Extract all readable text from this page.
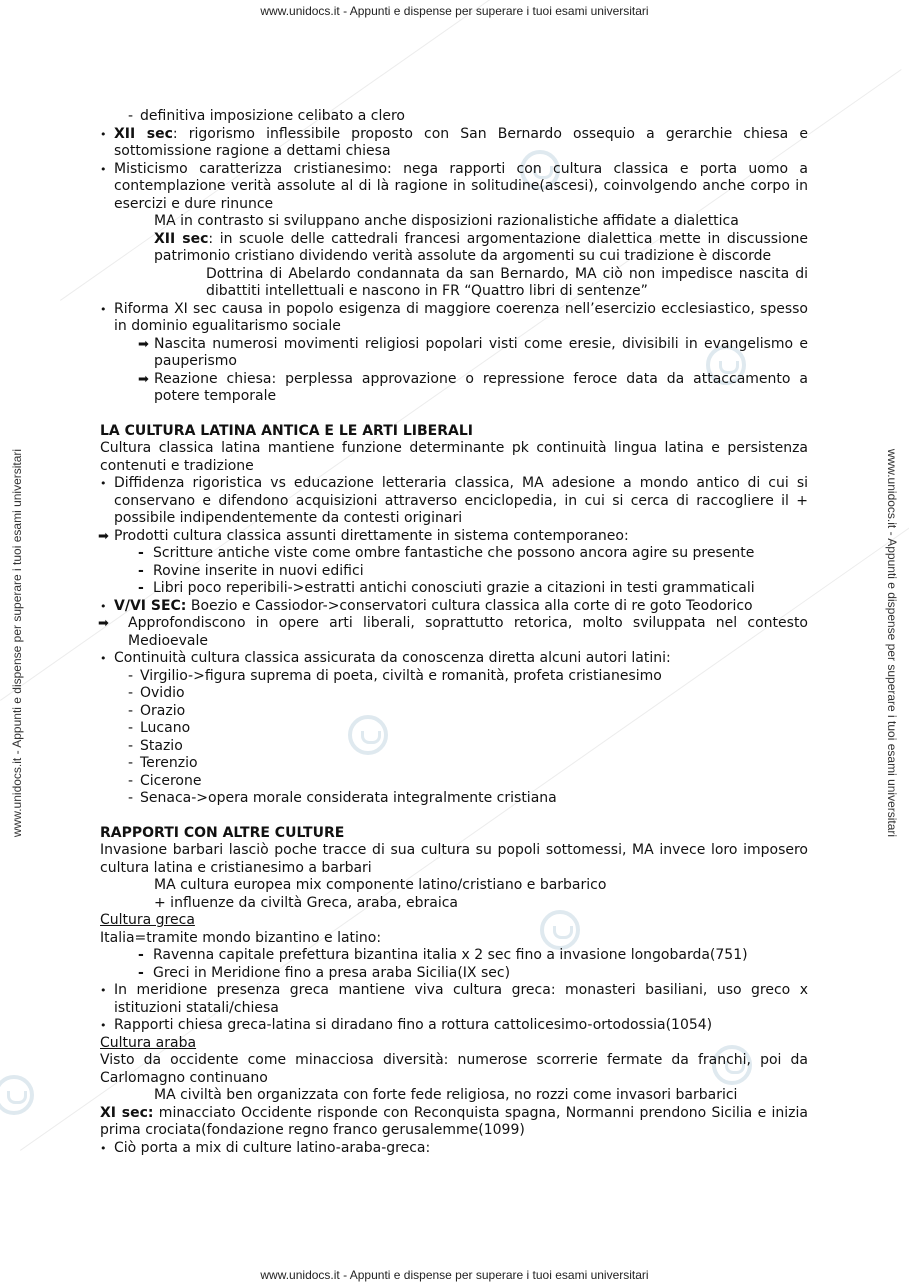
www.unidocs.it - Appunti e dispense per superare i tuoi esami universitari
www.unidocs.it - Appunti e dispense per superare i tuoi esami universitari
www.unidocs.it - Appunti e dispense per superare i tuoi esami universitari	www.unidocs.it - Appunti e dispense per superare i tuoi esami universitari
- definitiva imposizione celibato a clero
• XII sec: rigorismo inflessibile proposto con San Bernardo ossequio a gerarchie chiesa e sottomissione ragione a dettami chiesa
• Misticismo caratterizza cristianesimo: nega rapporti con cultura classica e porta uomo a contemplazione verità assolute al di là ragione in solitudine(ascesi), coinvolgendo anche corpo in esercizi e dure rinunce
MA in contrasto si sviluppano anche disposizioni razionalistiche affidate a dialettica
XII sec: in scuole delle cattedrali francesi argomentazione dialettica mette in discussione patrimonio cristiano dividendo verità assolute da argomenti su cui tradizione è discorde
Dottrina di Abelardo condannata da san Bernardo, MA ciò non impedisce nascita di dibattiti intellettuali e nascono in FR “Quattro libri di sentenze”
• Riforma XI sec causa in popolo esigenza di maggiore coerenza nell’esercizio ecclesiastico, spesso in dominio egualitarismo sociale
➡ Nascita numerosi movimenti religiosi popolari visti come eresie, divisibili in evangelismo e pauperismo
➡ Reazione chiesa: perplessa approvazione o repressione feroce data da attaccamento a potere temporale
LA CULTURA LATINA ANTICA E LE ARTI LIBERALI
Cultura classica latina mantiene funzione determinante pk continuità lingua latina e persistenza contenuti e tradizione
• Diffidenza rigoristica vs educazione letteraria classica, MA adesione a mondo antico di cui si conservano e difendono acquisizioni attraverso enciclopedia, in cui si cerca di raccogliere il + possibile indipendentemente da contesti originari
➡ Prodotti cultura classica assunti direttamente in sistema contemporaneo:
- Scritture antiche viste come ombre fantastiche che possono ancora agire su presente
- Rovine inserite in nuovi edifici
- Libri poco reperibili->estratti antichi conosciuti grazie a citazioni in testi grammaticali
• V/VI SEC: Boezio e Cassiodor->conservatori cultura classica alla corte di re goto Teodorico
➡ Approfondiscono in opere arti liberali, soprattutto retorica, molto sviluppata nel contesto Medioevale
• Continuità cultura classica assicurata da conoscenza diretta alcuni autori latini:
- Virgilio->figura suprema di poeta, civiltà e romanità, profeta cristianesimo
- Ovidio
- Orazio
- Lucano
- Stazio
- Terenzio
- Cicerone
- Senaca->opera morale considerata integralmente cristiana
RAPPORTI CON ALTRE CULTURE
Invasione barbari lasciò poche tracce di sua cultura su popoli sottomessi, MA invece loro imposero cultura latina e cristianesimo a barbari
MA cultura europea mix componente latino/cristiano e barbarico
+ influenze da civiltà Greca, araba, ebraica
Cultura greca
Italia=tramite mondo bizantino e latino:
- Ravenna capitale prefettura bizantina italia x 2 sec fino a invasione longobarda(751)
- Greci in Meridione fino a presa araba Sicilia(IX sec)
• In meridione presenza greca mantiene viva cultura greca: monasteri basiliani, uso greco x istituzioni statali/chiesa
• Rapporti chiesa greca-latina si diradano fino a rottura cattolicesimo-ortodossia(1054)
Cultura araba
Visto da occidente come minacciosa diversità: numerose scorrerie fermate da franchi, poi da Carlomagno continuano
MA civiltà ben organizzata con forte fede religiosa, no rozzi come invasori barbarici
XI sec: minacciato Occidente risponde con Reconquista spagna, Normanni prendono Sicilia e inizia prima crociata(fondazione regno franco gerusalemme(1099)
• Ciò porta a mix di culture latino-araba-greca:
